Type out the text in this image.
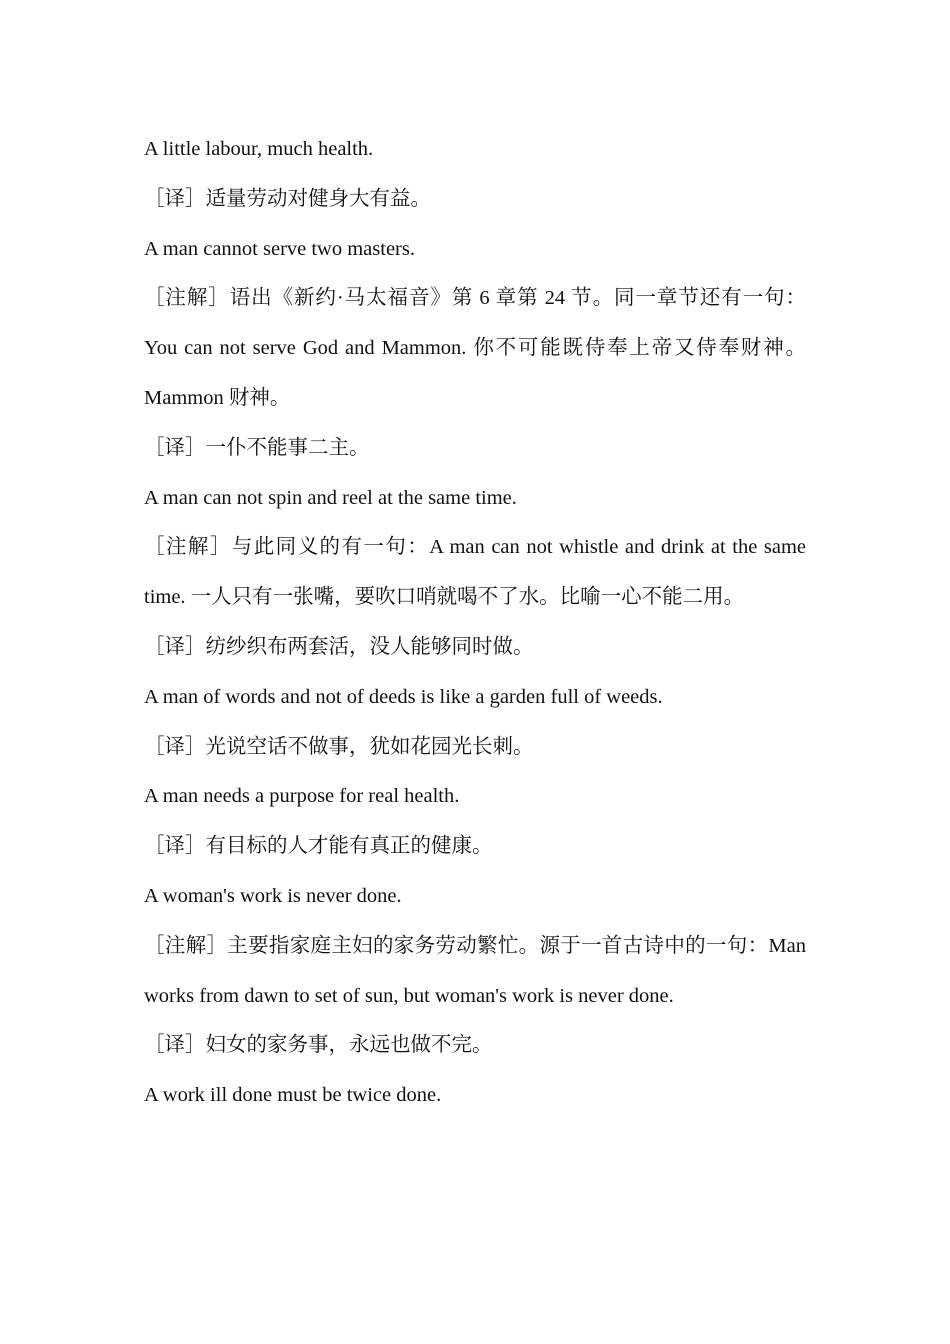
A little labour, much health.

［译］适量劳动对健身大有益。

A man cannot serve two masters.

［注解］语出《新约·马太福音》第 6 章第 24 节。同一章节还有一句：You can not serve God and Mammon. 你不可能既侍奉上帝又侍奉财神。Mammon 财神。

［译］一仆不能事二主。

A man can not spin and reel at the same time.

［注解］与此同义的有一句：A man can not whistle and drink at the same time. 一人只有一张嘴，要吹口哨就喝不了水。比喻一心不能二用。

［译］纺纱织布两套活，没人能够同时做。

A man of words and not of deeds is like a garden full of weeds.

［译］光说空话不做事，犹如花园光长刺。

A man needs a purpose for real health.

［译］有目标的人才能有真正的健康。

A woman's work is never done.

［注解］主要指家庭主妇的家务劳动繁忙。源于一首古诗中的一句：Man works from dawn to set of sun, but woman's work is never done.

［译］妇女的家务事，永远也做不完。

A work ill done must be twice done.
